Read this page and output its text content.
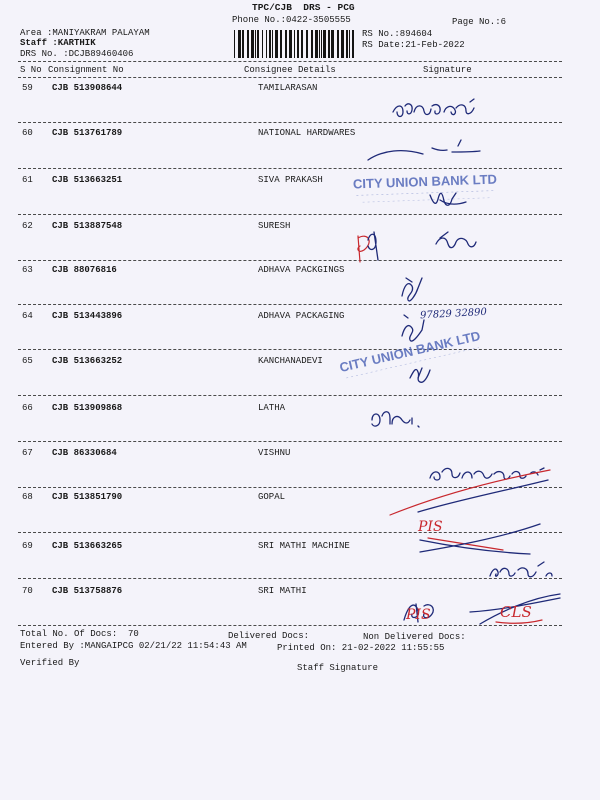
TPC/CJB  DRS - PCG
Phone No.:0422-3505555	Page No.:6
Area :MANIYAKRAM PALAYAM
Staff :KARTHIK
DRS No. :DCJB89460406
RS No.:894604
RS Date:21-Feb-2022
S No Consignment No	Consignee Details	Signature
59 CJB 513908644	TAMILARASAN
60 CJB 513761789	NATIONAL HARDWARES
61 CJB 513663251	SIVA PRAKASH
62 CJB 513887548	SURESH
63 CJB 88076816	ADHAVA PACKGINGS
64 CJB 513443896	ADHAVA PACKAGING
65 CJB 513663252	KANCHANADEVI
66 CJB 513909868	LATHA
67 CJB 86330684	VISHNU
68 CJB 513851790	GOPAL
69 CJB 513663265	SRI MATHI MACHINE
70 CJB 513758876	SRI MATHI
Total No. Of Docs:  70	Delivered Docs:	Non Delivered Docs:
Entered By :MANGAIPCG 02/21/22 11:54:43 AM	Printed On: 21-02-2022 11:55:55
Verified By	Staff Signature
CITY UNION BANK LTD
CITY UNION BANK LTD
97829 32890
PIS
PIS	CLS
